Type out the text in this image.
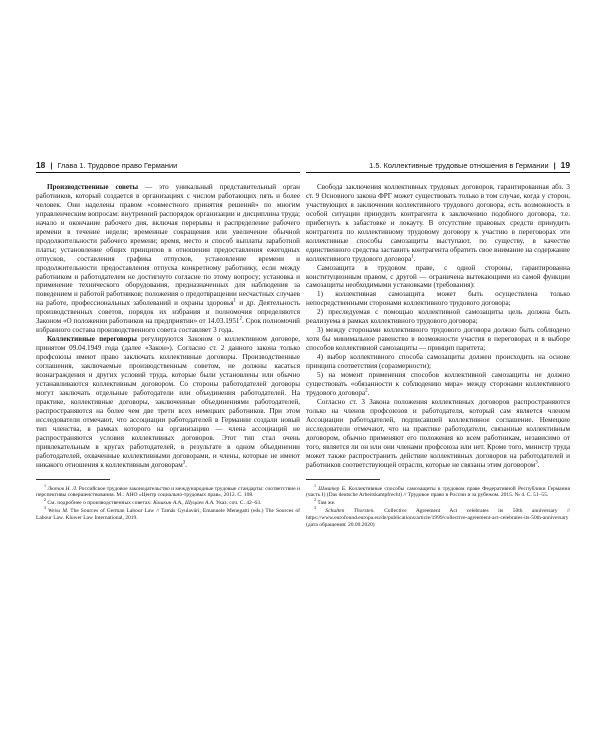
18 | Глава 1. Трудовое право Германии

Производственные советы — это уникальный представительный орган работников, который создается в организациях с числом работающих пять и более человек. Они наделены правом «совместного принятия решений» по многим управленческим вопросам: внутренний распорядок организации и дисциплина труда; начало и окончание рабочего дня, включая перерывы и распределение рабочего времени в течение недели; временные сокращения или увеличение обычной продолжительности рабочего времени; время, место и способ выплаты заработной платы; установление общих принципов в отношении предоставления ежегодных отпусков, составления графика отпусков, установление времени и продолжительности предоставления отпуска конкретному работнику, если между работником и работодателем не достигнуто согласие по этому вопросу; установка и применение технического оборудования, предназначенных для наблюдения за поведением и работой работников; положения о предотвращении несчастных случаев на работе, профессиональных заболеваний и охраны здоровья$^1$ и др. Деятельность производственных советов, порядок их избрания и полномочия определяются Законом «О положении работников на предприятии» от 14.03.1951$^2$. Срок полномочий избранного состава производственного совета составляет 3 года.

Коллективные переговоры регулируются Законом о коллективном договоре, принятом 09.04.1949 года (далее «Закон»). Согласно ст. 2 данного закона только профсоюзы имеют право заключать коллективные договоры. Производственные соглашения, заключаемые производственным советом, не должны касаться вознаграждения и других условий труда, которые были установлены или обычно устанавливаются коллективным договором. Со стороны работодателей договоры могут заключать отдельные работодатели или объединения работодателей. На практике, коллективные договоры, заключенные объединениями работодателей, распространяются на более чем две трети всех немецких работников. При этом исследователи отмечают, что ассоциации работодателей в Германии создали новый тип членства, в рамках которого на организацию — члена ассоциаций не распространяются условия коллективных договоров. Этот тип стал очень привлекательным в кругах работодателей, в результате в одном объединении работодателей, охваченные коллективными договорами, и члены, которые не имеют никакого отношения к коллективным договорам$^3$.

$^1$ Лютов Н. Л. Российское трудовое законодательство и международные трудовые стандарты: соответствие и перспективы совершенствования. М.: АНО «Центр социально-трудовых прав», 2012. С. 108.

$^2$ См. подробнее о производственных советах: Кошкин А.А., Шуцаев А.А. Указ. соч. С. 42–63.

$^3$ Weiss M. The Sources of German Labour Law // Tamás Gyulavári, Emanuele Menegatti (eds.) The Sources of Labour Law. Kluwer Law International, 2019.

1.5. Коллективные трудовые отношения в Германии | 19

Свобода заключения коллективных трудовых договоров, гарантированная абз. 3 ст. 9 Основного закона ФРГ может существовать только в том случае, когда у сторон, участвующих в заключении коллективного трудового договора, есть возможность в особой ситуации принудить контрагента к заключению подобного договора, т.е. прибегнуть к забастовке и локауту. В отсутствие правовых средств принудить контрагента по коллективному трудовому договору к участию в переговорах эти коллективные способы самозащиты выступают, по существу, в качестве единственного средства заставить контрагента обратить свое внимание на содержание коллективного трудового договора$^1$.

Самозащита в трудовом праве, с одной стороны, гарантированна конституционным правом, с другой — ограничена вытекающими из самой функции самозащиты необходимыми установками (требования):

1) коллективная самозащита может быть осуществлена только непосредственными сторонами коллективного трудового договора;

2) преследуемая с помощью коллективной самозащиты цель должна быть реализуема в рамках коллективного трудового договора;

3) между сторонами коллективного трудового договора должно быть соблюдено хотя бы минимальное равенство в возможности участия в переговорах и в выборе способов коллективной самозащиты — принцип паритета;

4) выбор коллективного способа самозащиты должен происходить на основе принципа соответствия (соразмерности);

5) на момент применения способов коллективной самозащиты не должно существовать «обязанности к соблюдению мира» между сторонами коллективного трудового договора$^2$.

Согласно ст. 3 Закона положения коллективных договоров распространяются только на членов профсоюзов и работодателя, который сам является членом Ассоциации работодателей, подписавшей коллективное соглашение. Немецкие исследователи отмечают, что на практике работодатели, связанные коллективным договором, обычно применяют его положения ко всем работникам, независимо от того, является ли он или они членами профсоюза или нет. Кроме того, министр труда может также распространить действие коллективных договоров на работодателей и работников соответствующей отрасли, которые не связаны этим договором$^3$.

$^1$ Шмитер Б. Коллективные способы самозащиты в трудовом праве Федеративной Республики Германия (часть I) (Das deutsche Arbeitskampfrecht) // Трудовое право в России и за рубежом. 2015. № 4. С. 51–55.

$^2$ Там же.

$^3$ Schulten Thorsten. Collective Agreement Act celebrates its 50th anniversary // https://www.eurofound.europa.eu/de/publications/article/1999/collective-agreement-act-celebrates-its-50th-anniversary (дата обращения: 20.09.2020)
